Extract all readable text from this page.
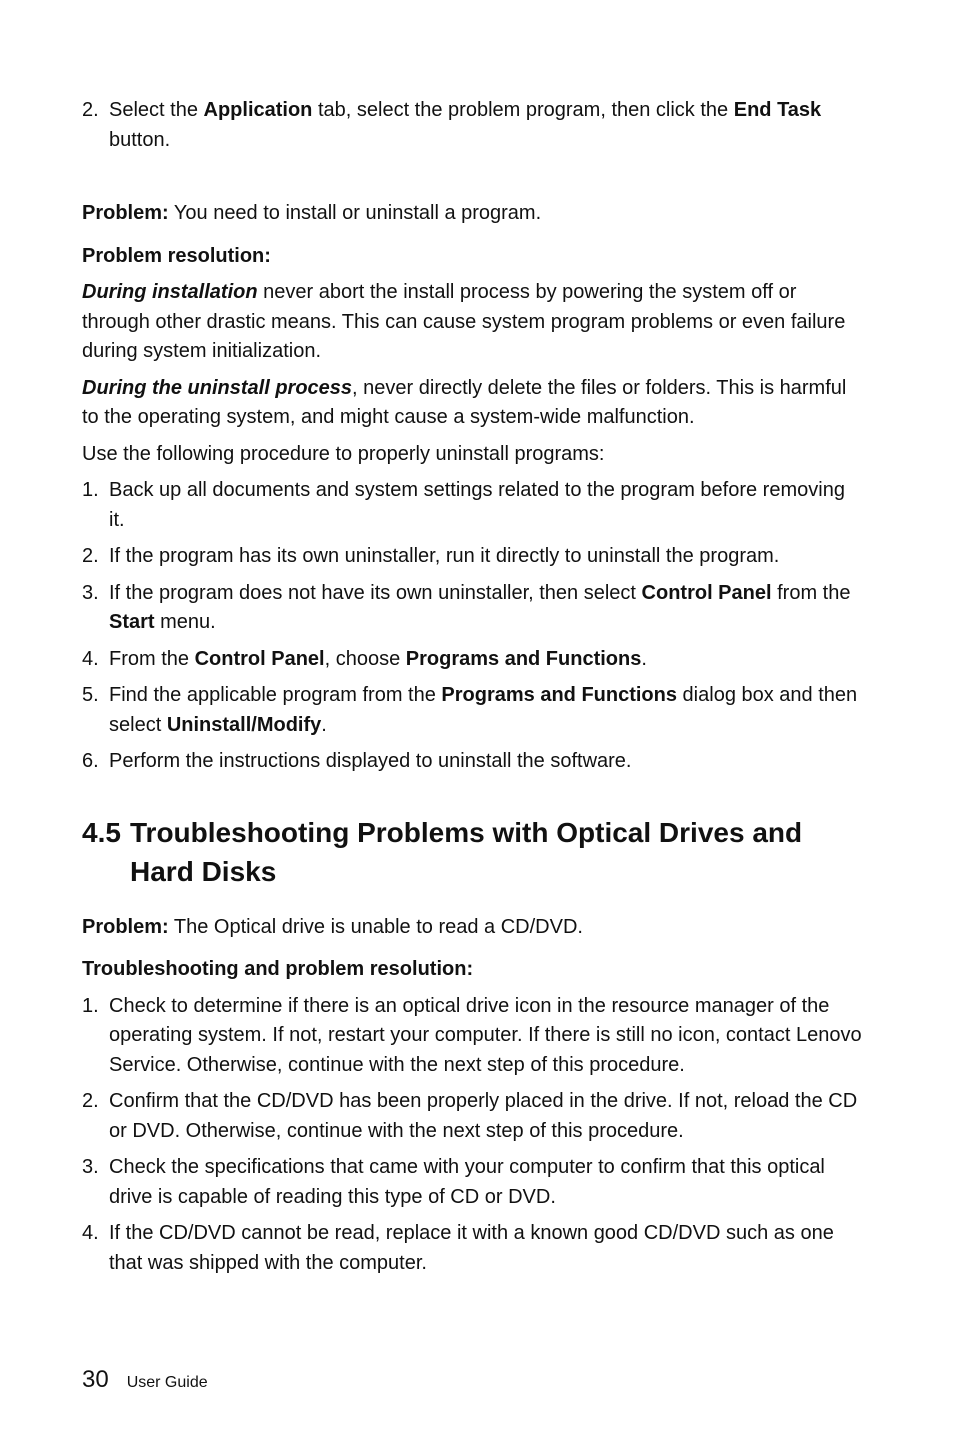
2. Select the Application tab, select the problem program, then click the End Task button.

Problem: You need to install or uninstall a program.

Problem resolution:

During installation never abort the install process by powering the system off or through other drastic means. This can cause system program problems or even failure during system initialization.

During the uninstall process, never directly delete the files or folders. This is harmful to the operating system, and might cause a system-wide malfunction.

Use the following procedure to properly uninstall programs:

1. Back up all documents and system settings related to the program before removing it.
2. If the program has its own uninstaller, run it directly to uninstall the program.
3. If the program does not have its own uninstaller, then select Control Panel from the Start menu.
4. From the Control Panel, choose Programs and Functions.
5. Find the applicable program from the Programs and Functions dialog box and then select Uninstall/Modify.
6. Perform the instructions displayed to uninstall the software.
4.5 Troubleshooting Problems with Optical Drives and Hard Disks

Problem: The Optical drive is unable to read a CD/DVD.

Troubleshooting and problem resolution:

1. Check to determine if there is an optical drive icon in the resource manager of the operating system. If not, restart your computer. If there is still no icon, contact Lenovo Service. Otherwise, continue with the next step of this procedure.
2. Confirm that the CD/DVD has been properly placed in the drive. If not, reload the CD or DVD. Otherwise, continue with the next step of this procedure.
3. Check the specifications that came with your computer to confirm that this optical drive is capable of reading this type of CD or DVD.
4. If the CD/DVD cannot be read, replace it with a known good CD/DVD such as one that was shipped with the computer.
30 User Guide
